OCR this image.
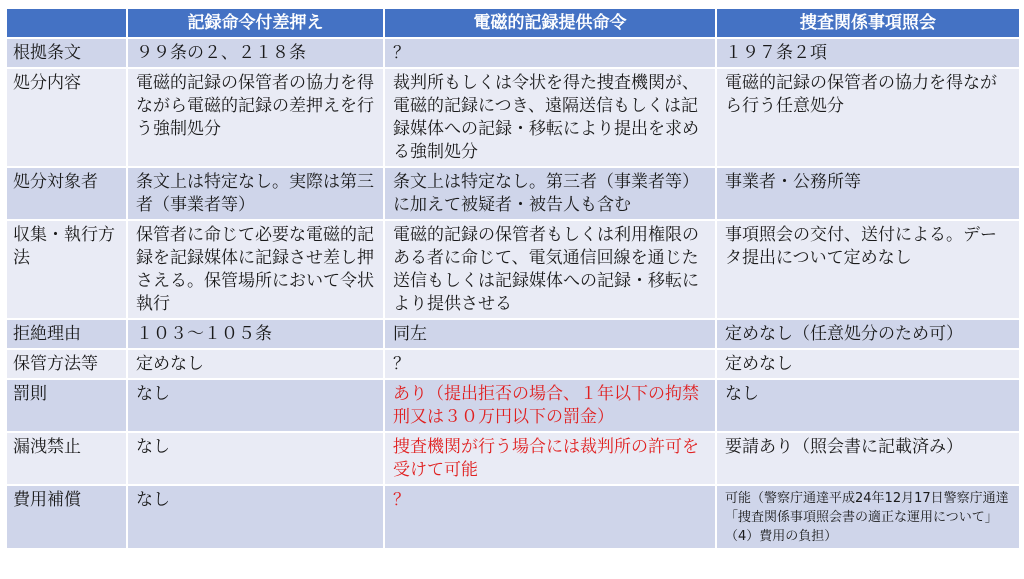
	記録命令付差押え	電磁的記録提供命令	捜査関係事項照会
根拠条文	９９条の２、２１８条	？	１９７条２項
処分内容	電磁的記録の保管者の協力を得ながら電磁的記録の差押えを行う強制処分	裁判所もしくは令状を得た捜査機関が、電磁的記録につき、遠隔送信もしくは記録媒体への記録・移転により提出を求める強制処分	電磁的記録の保管者の協力を得ながら行う任意処分
処分対象者	条文上は特定なし。実際は第三者（事業者等）	条文上は特定なし。第三者（事業者等）に加えて被疑者・被告人も含む	事業者・公務所等
収集・執行方法	保管者に命じて必要な電磁的記録を記録媒体に記録させ差し押さえる。保管場所において令状執行	電磁的記録の保管者もしくは利用権限のある者に命じて、電気通信回線を通じた送信もしくは記録媒体への記録・移転により提供させる	事項照会の交付、送付による。データ提出について定めなし
拒絶理由	１０３〜１０５条	同左	定めなし（任意処分のため可）
保管方法等	定めなし	？	定めなし
罰則	なし	あり（提出拒否の場合、１年以下の拘禁刑又は３０万円以下の罰金）	なし
漏洩禁止	なし	捜査機関が行う場合には裁判所の許可を受けて可能	要請あり（照会書に記載済み）
費用補償	なし	？	可能（警察庁通達平成24年12月17日警察庁通達「捜査関係事項照会書の適正な運用について」（4）費用の負担）
